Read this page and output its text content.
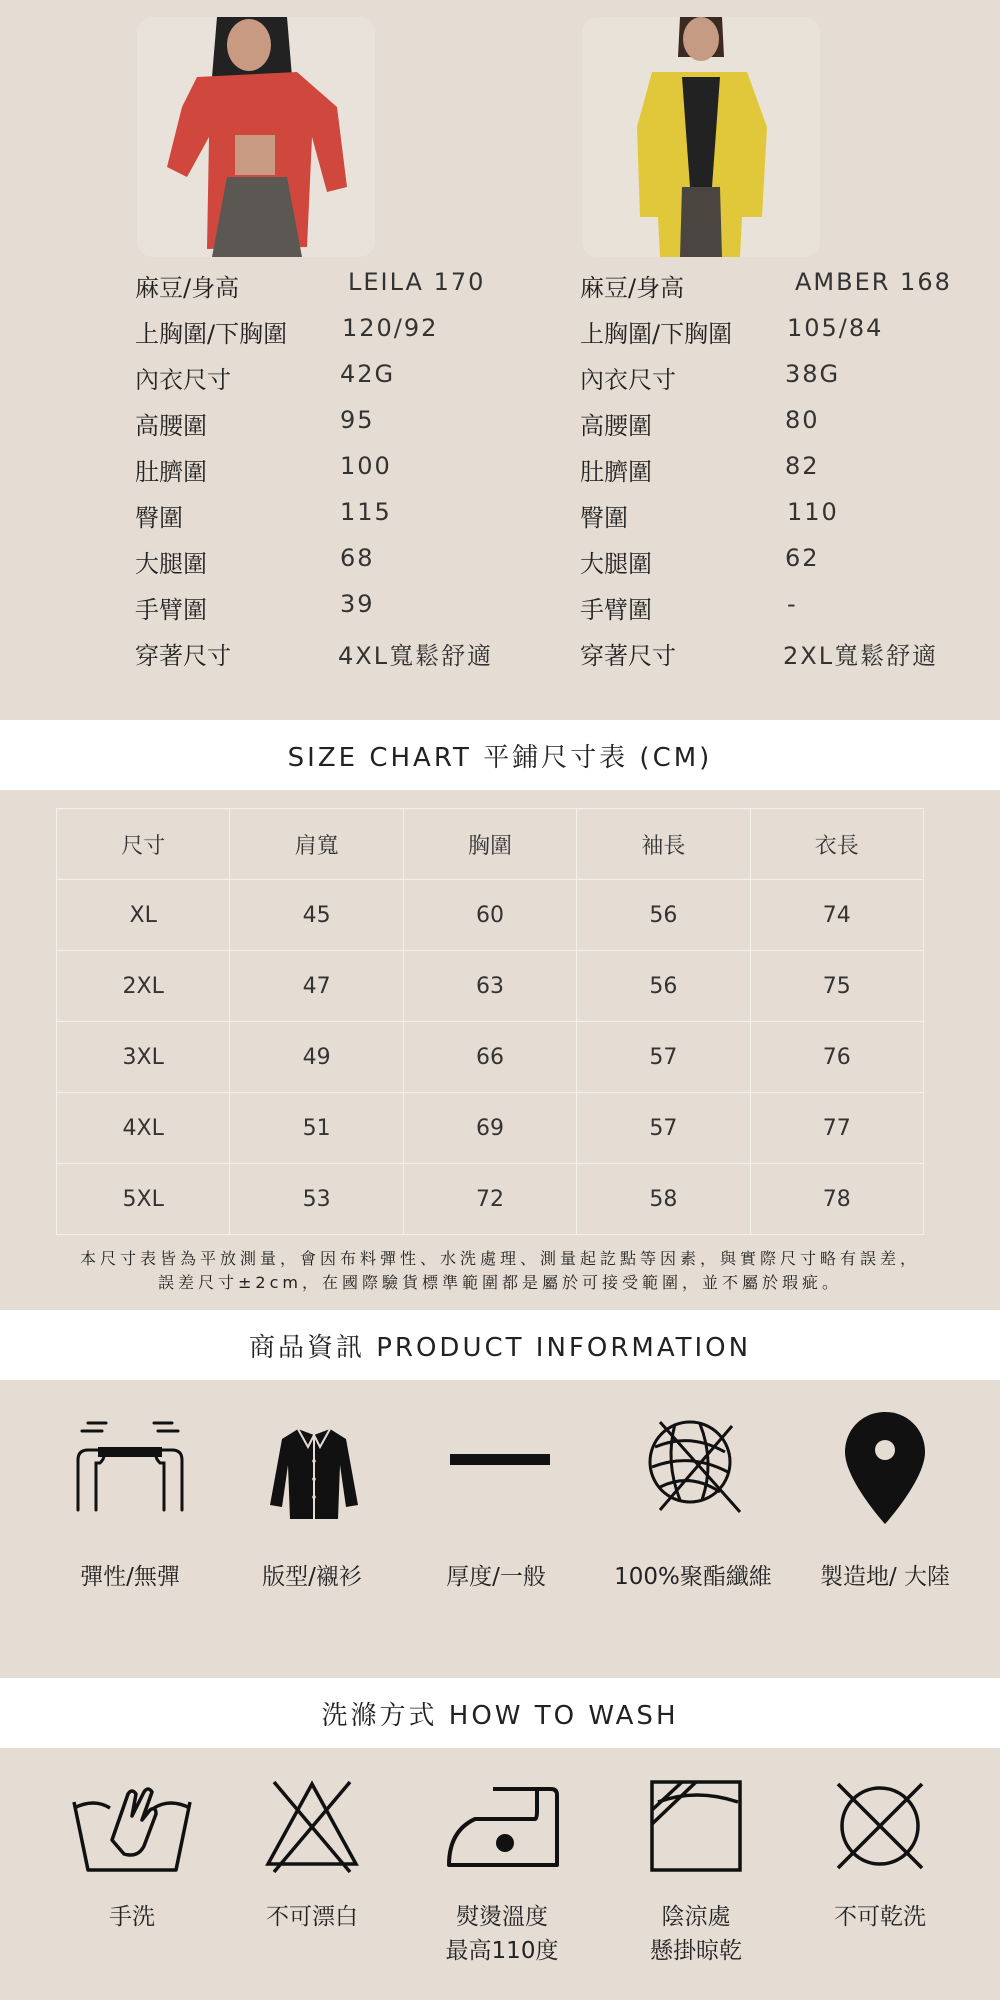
麻豆/身高	LEILA 170
上胸圍/下胸圍 120/92
內衣尺寸	42G
高腰圍	95
肚臍圍	100
臀圍	115
大腿圍	68
手臂圍	39
穿著尺寸	4XL寬鬆舒適
麻豆/身高	AMBER 168
上胸圍/下胸圍 105/84
內衣尺寸	38G
高腰圍	80
肚臍圍	82
臀圍	110
大腿圍	62
手臂圍	-
穿著尺寸	2XL寬鬆舒適
SIZE CHART 平鋪尺寸表 (CM)
尺寸	肩寬	胸圍	袖長	衣長
XL	45	60	56	74
2XL	47	63	56	75
3XL	49	66	57	76
4XL	51	69	57	77
5XL	53	72	58	78
本尺寸表皆為平放測量，會因布料彈性、水洗處理、測量起訖點等因素，與實際尺寸略有誤差，
誤差尺寸±2cm，在國際驗貨標準範圍都是屬於可接受範圍，並不屬於瑕疵。
商品資訊 PRODUCT INFORMATION
彈性/無彈	版型/襯衫	厚度/一般	100%聚酯纖維	製造地/ 大陸
洗滌方式 HOW TO WASH
手洗	不可漂白	熨燙溫度
最高110度
陰涼處
懸掛晾乾
不可乾洗
